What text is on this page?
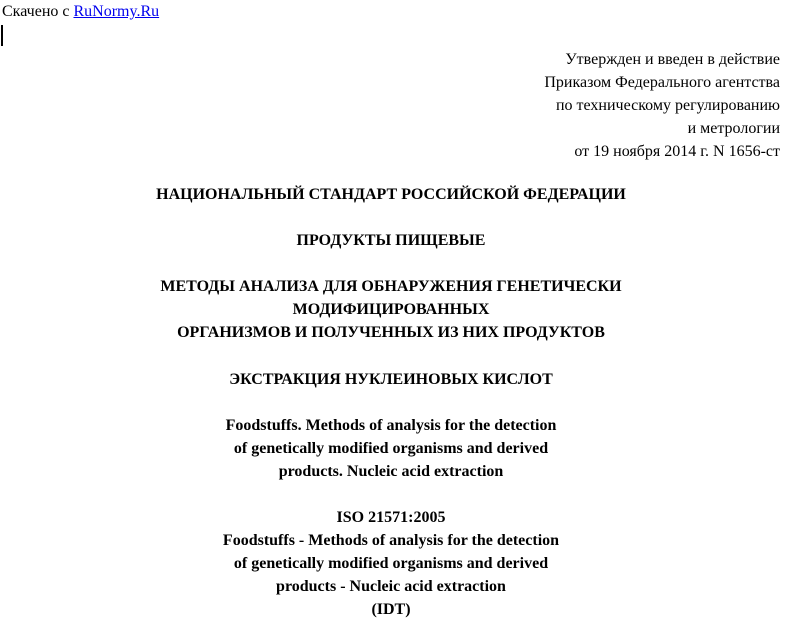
Скачено с RuNormy.Ru
Утвержден и введен в действие
Приказом Федерального агентства
по техническому регулированию
и метрологии
от 19 ноября 2014 г. N 1656-ст
НАЦИОНАЛЬНЫЙ СТАНДАРТ РОССИЙСКОЙ ФЕДЕРАЦИИ
ПРОДУКТЫ ПИЩЕВЫЕ
МЕТОДЫ АНАЛИЗА ДЛЯ ОБНАРУЖЕНИЯ ГЕНЕТИЧЕСКИ
МОДИФИЦИРОВАННЫХ
ОРГАНИЗМОВ И ПОЛУЧЕННЫХ ИЗ НИХ ПРОДУКТОВ
ЭКСТРАКЦИЯ НУКЛЕИНОВЫХ КИСЛОТ
Foodstuffs. Methods of analysis for the detection
of genetically modified organisms and derived
products. Nucleic acid extraction
ISO 21571:2005
Foodstuffs - Methods of analysis for the detection
of genetically modified organisms and derived
products - Nucleic acid extraction
(IDT)
